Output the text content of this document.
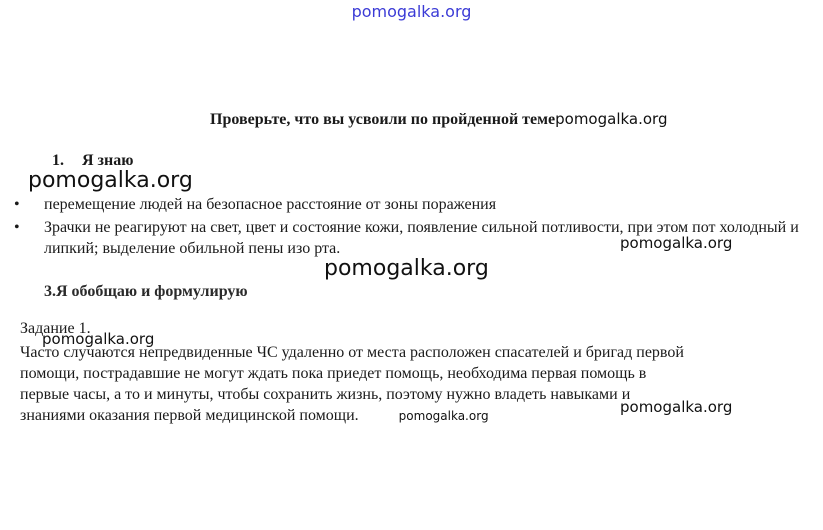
pomogalka.org
Проверьте, что вы усвоили по пройденной темеpomogalka.org
1. Я знаю
pomogalka.org
• перемещение людей на безопасное расстояние от зоны поражения
• Зрачки не реагируют на свет, цвет и состояние кожи, появление сильной потливости, при этом пот холодный и липкий; выделение обильной пены изо рта.	pomogalka.org
pomogalka.org
3.Я обобщаю и формулирую
Задание 1.
pomogalka.org
Часто случаются непредвиденные ЧС удаленно от места расположен спасателей и бригад первой
помощи, пострадавшие не могут ждать пока приедет помощь, необходима первая помощь в
первые часы, а то и минуты, чтобы сохранить жизнь, поэтому нужно владеть навыками и
знаниями оказания первой медицинской помощи.	pomogalka.org	pomogalka.org
